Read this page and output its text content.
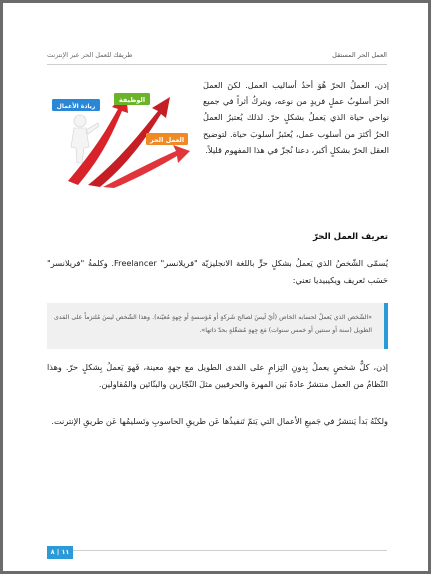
العمل الحر المستقل
طريقك للعمل الحر عبر الإنترنت
إذن، العملُ الحرّ هُوَ أحدُ أساليب العمل. لكنَ العملَ الحرَ أسلوبُ عملٍ فريدٍ من نوعه، ويتركُ أثراً في جميع نواحي حياة الذي يَعملُ بشكلٍ حرّ. لذلك يُعتبرُ العملُ الحرُ أكثرَ من أسلوب عمل، يُعتَبرُ أسلوبَ حياة. لتوضيح العقل الحرّ بشكلٍ أكبر، دعنا نُجزّ في هذا المفهوم قليلاً.
الوظيفة
ريادة الأعمال
العمل الحر
تعريف العمل الحرّ
يُسمّى الشّخصُ الذي يَعملُ بشكلٍ حرٍّ باللغة الانجليزيّة "فريلانسر" Freelancer. وكلمةُ "فريلانسر" حَسَب تَعريف ويكيبيديا تعني:
«الشّخص الذي يَعملُ لحسابه الخاص (أيْ لَيسَ لصالح شَركةٍ أو مُؤسسةٍ أو جِهةٍ مُعيّنة). وهذا الشّخص ليسَ مُلتزماً على المَدى الطويل (سنة أو سنتين أو خمس سنوات) مَع جِهةٍ مُشغّلةٍ بحدّ ذاتها».
إذن، كلُّ شخصٍ يعملُ بِدونِ التِزامٍ على المَدى الطويل مع جهةٍ معينة، فَهوَ يَعملُ بِشكلٍ حرّ. وهذا النّظامُ من العمل منتشرٌ عادةً بَين المهرة والحرفيين مثلَ النّجّارين والبنّائين والمُقاولين.
ولكنّهُ بَدأ يَنتشرُ في جَميعِ الأعمال التي يَتمّ تَنفيذُها عَن طريقِ الحاسوبِ وتَسليمُها عَن طريقِ الإنترنت.
١١ | ٨
